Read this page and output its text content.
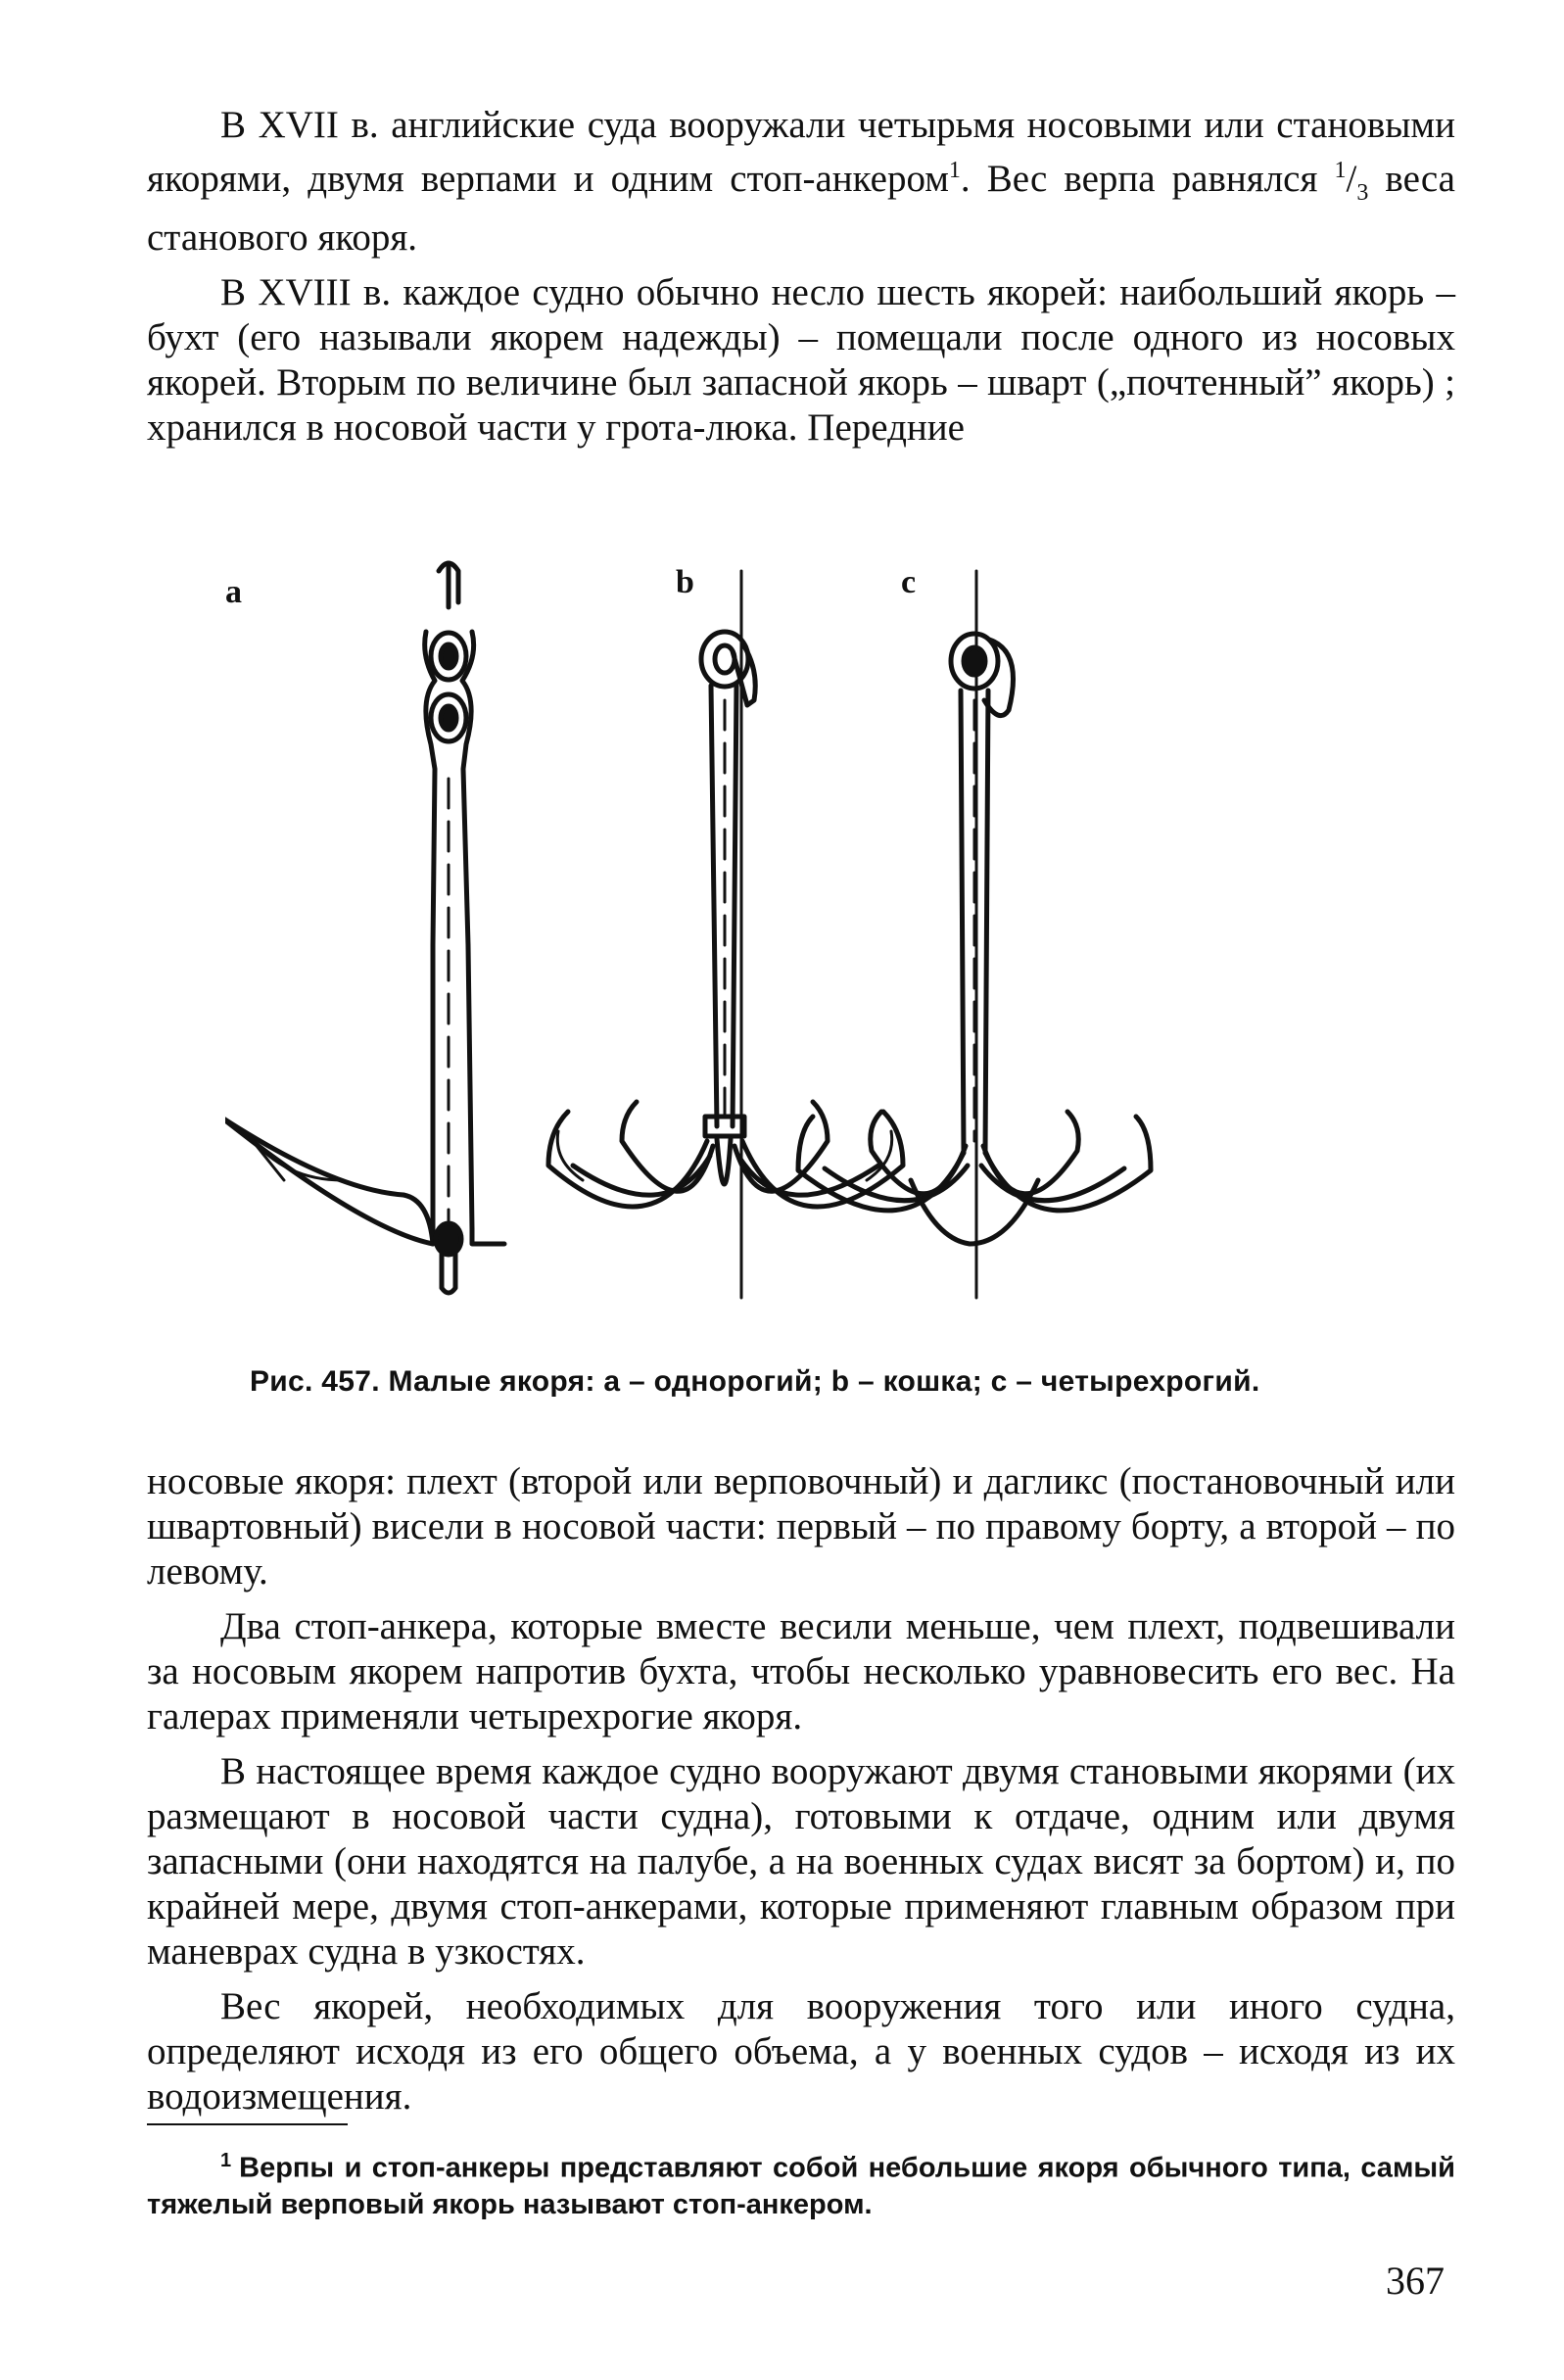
В XVII в. английские суда вооружали четырьмя носовыми или становыми якорями, двумя верпами и одним стоп-анкером$^1$. Вес верпа равнялся $^1/_3$ веса станового якоря.

В XVIII в. каждое судно обычно несло шесть якорей: наибольший якорь – бухт (его называли якорем надежды) – помещали после одного из носовых якорей. Вторым по величине был запасной якорь – шварт („почтенный” якорь) ; хранился в носовой части у грота-люка. Передние

a	b	c
Рис. 457. Малые якоря: а – однорогий; b – кошка; с – четырехрогий.

носовые якоря: плехт (второй или верповочный) и дагликс (постановочный или швартовный) висели в носовой части: первый – по правому борту, а второй – по левому.

Два стоп-анкера, которые вместе весили меньше, чем плехт, подвешивали за носовым якорем напротив бухта, чтобы несколько уравновесить его вес. На галерах применяли четырехрогие якоря.

В настоящее время каждое судно вооружают двумя становыми якорями (их размещают в носовой части судна), готовыми к отдаче, одним или двумя запасными (они находятся на палубе, а на военных судах висят за бортом) и, по крайней мере, двумя стоп-анкерами, которые применяют главным образом при маневрах судна в узкостях.

Вес якорей, необходимых для вооружения того или иного судна, определяют исходя из его общего объема, а у военных судов – исходя из их водоизмещения.

$^1$ Верпы и стоп-анкеры представляют собой небольшие якоря обычного типа, самый тяжелый верповый якорь называют стоп-анкером.
367
